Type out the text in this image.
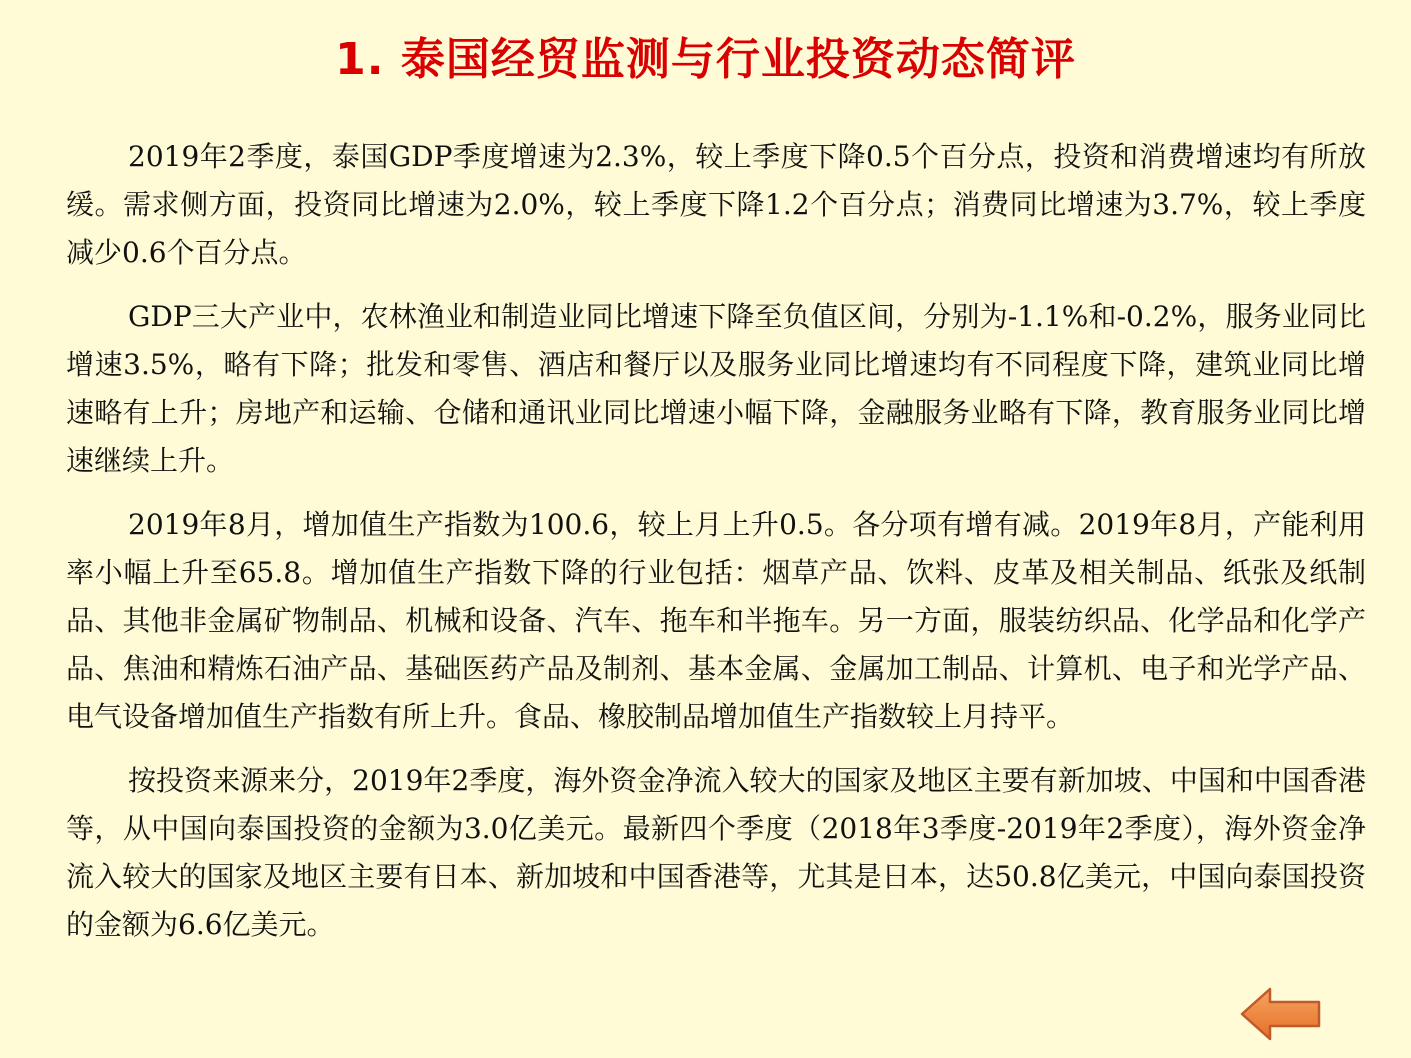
1. 泰国经贸监测与行业投资动态简评

2019年2季度，泰国GDP季度增速为2.3%，较上季度下降0.5个百分点，投资和消费增速均有所放缓。需求侧方面，投资同比增速为2.0%，较上季度下降1.2个百分点；消费同比增速为3.7%，较上季度减少0.6个百分点。

GDP三大产业中，农林渔业和制造业同比增速下降至负值区间，分别为-1.1%和-0.2%，服务业同比增速3.5%，略有下降；批发和零售、酒店和餐厅以及服务业同比增速均有不同程度下降，建筑业同比增速略有上升；房地产和运输、仓储和通讯业同比增速小幅下降，金融服务业略有下降，教育服务业同比增速继续上升。

2019年8月，增加值生产指数为100.6，较上月上升0.5。各分项有增有减。2019年8月，产能利用率小幅上升至65.8。增加值生产指数下降的行业包括：烟草产品、饮料、皮革及相关制品、纸张及纸制品、其他非金属矿物制品、机械和设备、汽车、拖车和半拖车。另一方面，服装纺织品、化学品和化学产品、焦油和精炼石油产品、基础医药产品及制剂、基本金属、金属加工制品、计算机、电子和光学产品、电气设备增加值生产指数有所上升。食品、橡胶制品增加值生产指数较上月持平。

按投资来源来分，2019年2季度，海外资金净流入较大的国家及地区主要有新加坡、中国和中国香港等，从中国向泰国投资的金额为3.0亿美元。最新四个季度（2018年3季度-2019年2季度），海外资金净流入较大的国家及地区主要有日本、新加坡和中国香港等，尤其是日本，达50.8亿美元，中国向泰国投资的金额为6.6亿美元。
